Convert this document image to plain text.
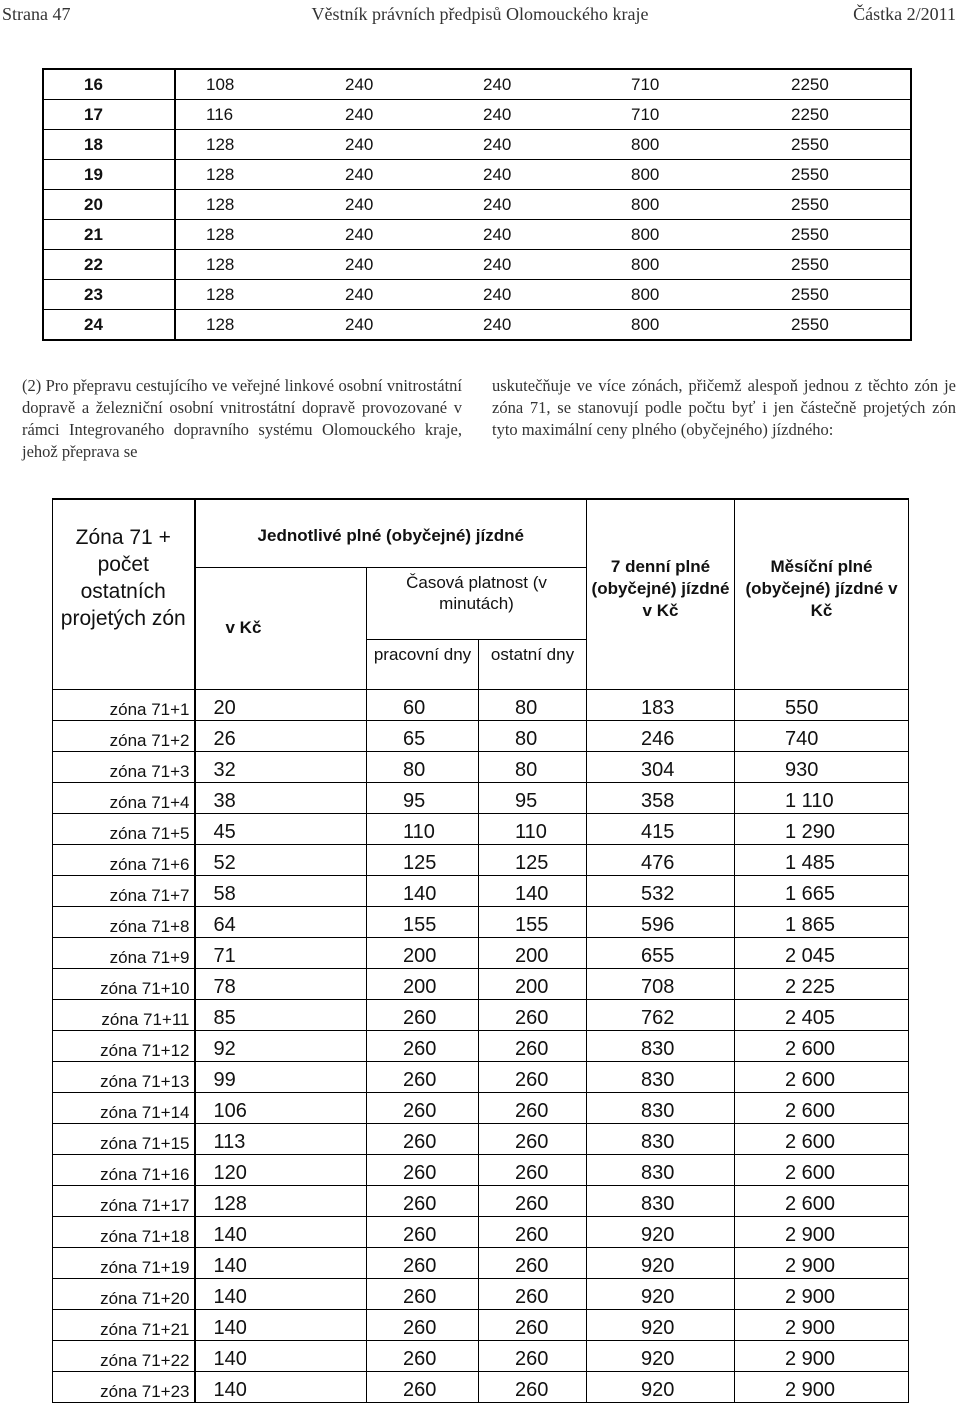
Strana 47	Věstník právních předpisů Olomouckého kraje	Částka 2/2011
16	108	240	240	710	2250
17	116	240	240	710	2250
18	128	240	240	800	2550
19	128	240	240	800	2550
20	128	240	240	800	2550
21	128	240	240	800	2550
22	128	240	240	800	2550
23	128	240	240	800	2550
24	128	240	240	800	2550

(2) Pro přepravu cestujícího ve veřejné linkové osobní vnitrostátní dopravě a železniční osobní vnitrostátní dopravě provozované v rámci Integrovaného dopravního systému Olomouckého kraje, jehož přeprava se

uskutečňuje ve více zónách, přičemž alespoň jednou z těchto zón je zóna 71, se stanovují podle počtu byť i jen částečně projetých zón tyto maximální ceny plného (obyčejného) jízdného:

Zóna 71 + počet ostatních projetých zón	Jednotlivé plné (obyčejné) jízdné			7 denní plné (obyčejné) jízdné v Kč	Měsíční plné (obyčejné) jízdné v Kč
	v Kč	Časová platnost (v minutách)			
		pracovní dny	ostatní dny		
zóna 71+1	20	60	80	183	550
zóna 71+2	26	65	80	246	740
zóna 71+3	32	80	80	304	930
zóna 71+4	38	95	95	358	1 110
zóna 71+5	45	110	110	415	1 290
zóna 71+6	52	125	125	476	1 485
zóna 71+7	58	140	140	532	1 665
zóna 71+8	64	155	155	596	1 865
zóna 71+9	71	200	200	655	2 045
zóna 71+10	78	200	200	708	2 225
zóna 71+11	85	260	260	762	2 405
zóna 71+12	92	260	260	830	2 600
zóna 71+13	99	260	260	830	2 600
zóna 71+14	106	260	260	830	2 600
zóna 71+15	113	260	260	830	2 600
zóna 71+16	120	260	260	830	2 600
zóna 71+17	128	260	260	830	2 600
zóna 71+18	140	260	260	920	2 900
zóna 71+19	140	260	260	920	2 900
zóna 71+20	140	260	260	920	2 900
zóna 71+21	140	260	260	920	2 900
zóna 71+22	140	260	260	920	2 900
zóna 71+23	140	260	260	920	2 900
